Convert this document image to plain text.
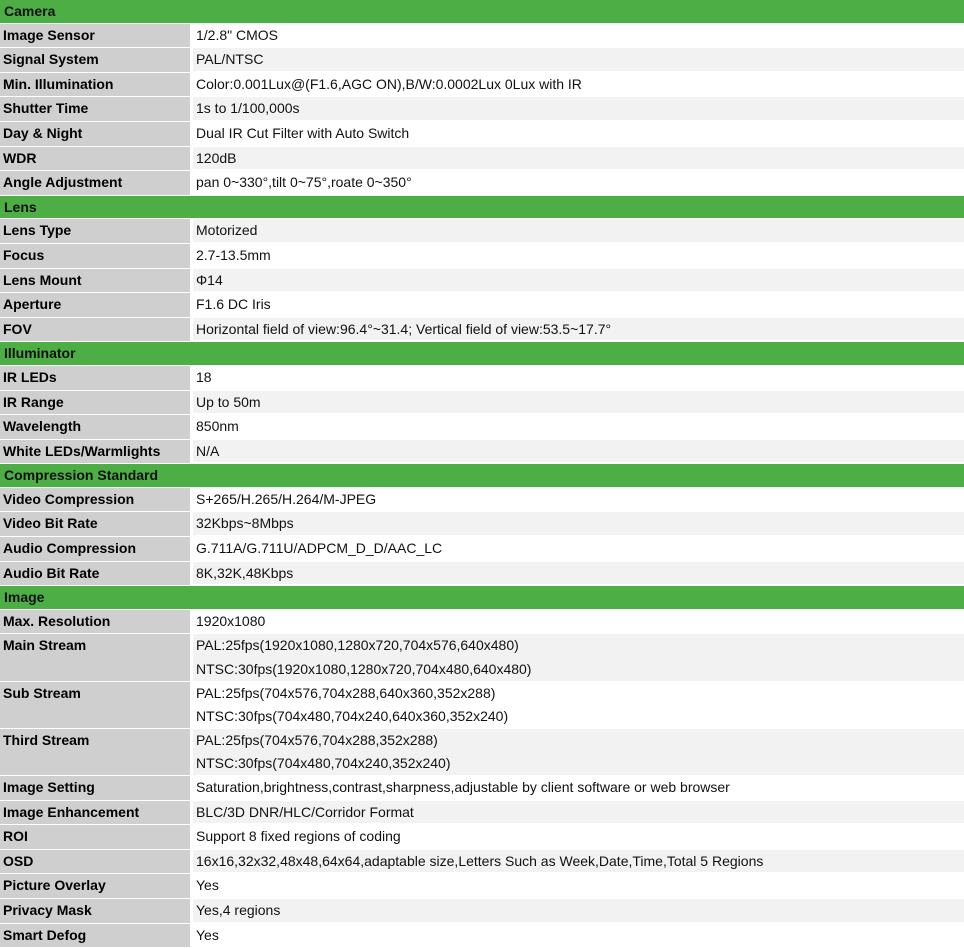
Camera
Image Sensor	1/2.8" CMOS
Signal System	PAL/NTSC
Min. Illumination	Color:0.001Lux@(F1.6,AGC ON),B/W:0.0002Lux 0Lux with IR
Shutter Time	1s to 1/100,000s
Day & Night	Dual IR Cut Filter with Auto Switch
WDR	120dB
Angle Adjustment	pan 0~330°,tilt 0~75°,roate 0~350°
Lens
Lens Type	Motorized
Focus	2.7-13.5mm
Lens Mount	Φ14
Aperture	F1.6 DC Iris
FOV	Horizontal field of view:96.4°~31.4; Vertical field of view:53.5~17.7°
Illuminator
IR LEDs	18
IR Range	Up to 50m
Wavelength	850nm
White LEDs/Warmlights	N/A
Compression Standard
Video Compression	S+265/H.265/H.264/M-JPEG
Video Bit Rate	32Kbps~8Mbps
Audio Compression	G.711A/G.711U/ADPCM_D_D/AAC_LC
Audio Bit Rate	8K,32K,48Kbps
Image
Max. Resolution	1920x1080
Main Stream	PAL:25fps(1920x1080,1280x720,704x576,640x480)
NTSC:30fps(1920x1080,1280x720,704x480,640x480)
Sub Stream	PAL:25fps(704x576,704x288,640x360,352x288)
NTSC:30fps(704x480,704x240,640x360,352x240)
Third Stream	PAL:25fps(704x576,704x288,352x288)
NTSC:30fps(704x480,704x240,352x240)
Image Setting	Saturation,brightness,contrast,sharpness,adjustable by client software or web browser
Image Enhancement	BLC/3D DNR/HLC/Corridor Format
ROI	Support 8 fixed regions of coding
OSD	16x16,32x32,48x48,64x64,adaptable size,Letters Such as Week,Date,Time,Total 5 Regions
Picture Overlay	Yes
Privacy Mask	Yes,4 regions
Smart Defog	Yes
